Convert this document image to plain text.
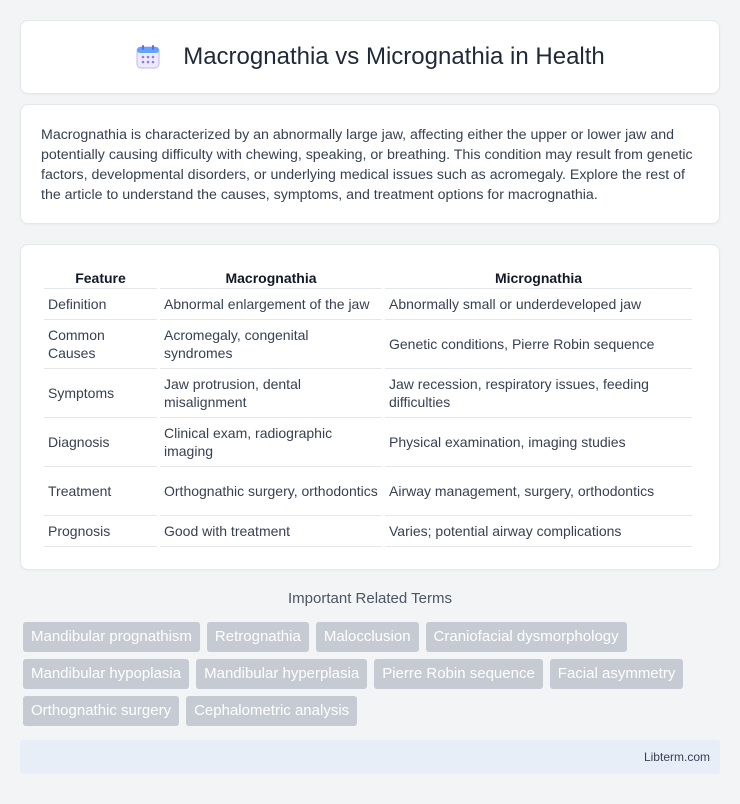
Macrognathia vs Micrognathia in Health

Macrognathia is characterized by an abnormally large jaw, affecting either the upper or lower jaw and potentially causing difficulty with chewing, speaking, or breathing. This condition may result from genetic factors, developmental disorders, or underlying medical issues such as acromegaly. Explore the rest of the article to understand the causes, symptoms, and treatment options for macrognathia.

Feature	Macrognathia	Micrognathia
Definition	Abnormal enlargement of the jaw	Abnormally small or underdeveloped jaw
Common Causes	Acromegaly, congenital syndromes	Genetic conditions, Pierre Robin sequence
Symptoms	Jaw protrusion, dental misalignment	Jaw recession, respiratory issues, feeding difficulties
Diagnosis	Clinical exam, radiographic imaging	Physical examination, imaging studies
Treatment	Orthognathic surgery, orthodontics	Airway management, surgery, orthodontics
Prognosis	Good with treatment	Varies; potential airway complications
Important Related Terms
Mandibular prognathism	Retrognathia	Malocclusion	Craniofacial dysmorphology
Mandibular hypoplasia	Mandibular hyperplasia	Pierre Robin sequence	Facial asymmetry
Orthognathic surgery	Cephalometric analysis
Libterm.com
